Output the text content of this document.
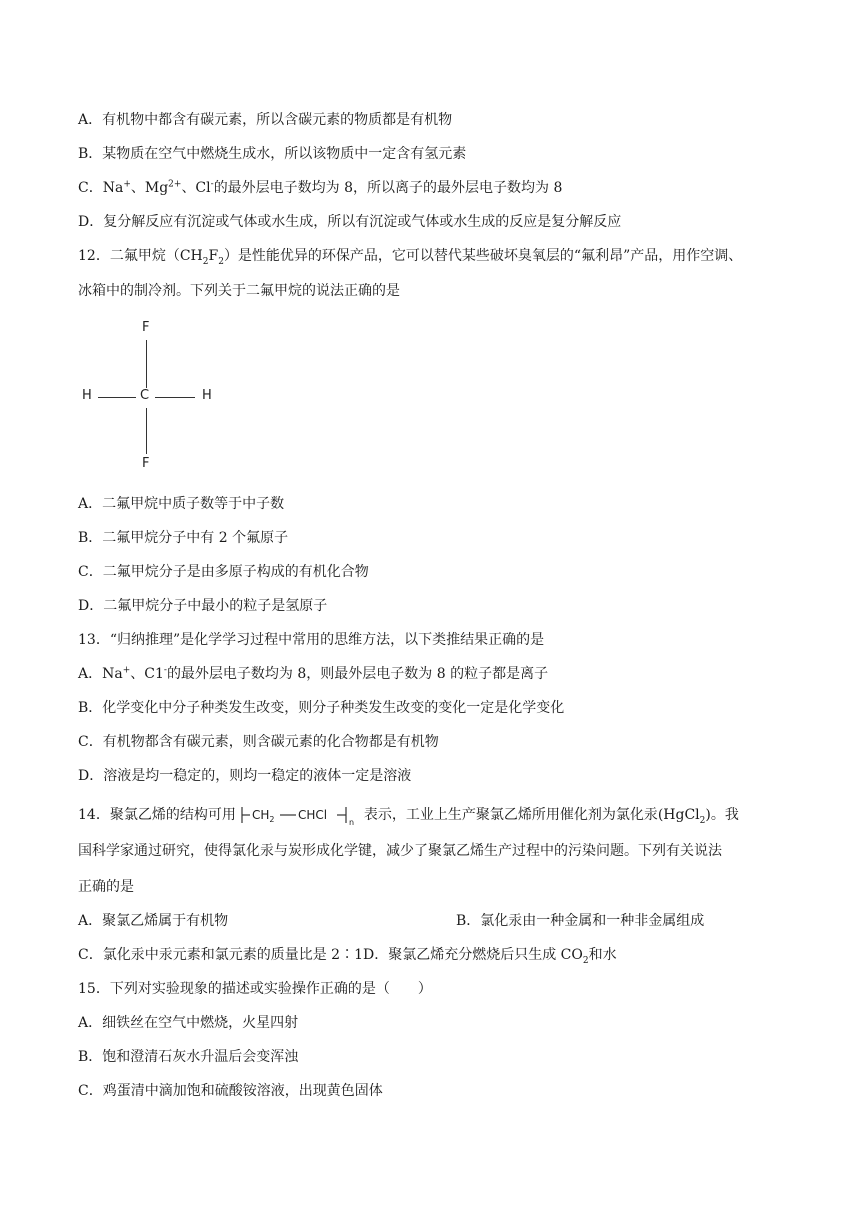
A．有机物中都含有碳元素，所以含碳元素的物质都是有机物
B．某物质在空气中燃烧生成水，所以该物质中一定含有氢元素
C．Na+、$Mg^{2+}$、Cl-的最外层电子数均为 8，所以离子的最外层电子数均为 8
D．复分解反应有沉淀或气体或水生成，所以有沉淀或气体或水生成的反应是复分解反应
12．二氟甲烷$(CH_2F_2)$是性能优异的环保产品，它可以替代某些破坏臭氧层的“氟利昂”产品，用作空调、
冰箱中的制冷剂。下列关于二氟甲烷的说法正确的是
F
H	C	H
F
A．二氟甲烷中质子数等于中子数
B．二氟甲烷分子中有 2 个氟原子
C．二氟甲烷分子是由多原子构成的有机化合物
D．二氟甲烷分子中最小的粒子是氢原子
13．“归纳推理”是化学学习过程中常用的思维方法，以下类推结果正确的是
A．Na+、C1-的最外层电子数均为 8，则最外层电子数为 8 的粒子都是离子
B．化学变化中分子种类发生改变，则分子种类发生改变的变化一定是化学变化
C．有机物都含有碳元素，则含碳元素的化合物都是有机物
D．溶液是均一稳定的，则均一稳定的液体一定是溶液
14．聚氯乙烯的结构可用 $CH_2$ CHCl
n 表示，工业上生产聚氯乙烯所用催化剂为氯化汞(HgCl$_2$)。我
国科学家通过研究，使得氯化汞与炭形成化学键，减少了聚氯乙烯生产过程中的污染问题。下列有关说法
正确的是
A．聚氯乙烯属于有机物	B．氯化汞由一种金属和一种非金属组成
C．氯化汞中汞元素和氯元素的质量比是 2∶1D．聚氯乙烯充分燃烧后只生成 $CO_2$和水
15．下列对实验现象的描述或实验操作正确的是（　　）
A．细铁丝在空气中燃烧，火星四射
B．饱和澄清石灰水升温后会变浑浊
C．鸡蛋清中滴加饱和硫酸铵溶液，出现黄色固体
